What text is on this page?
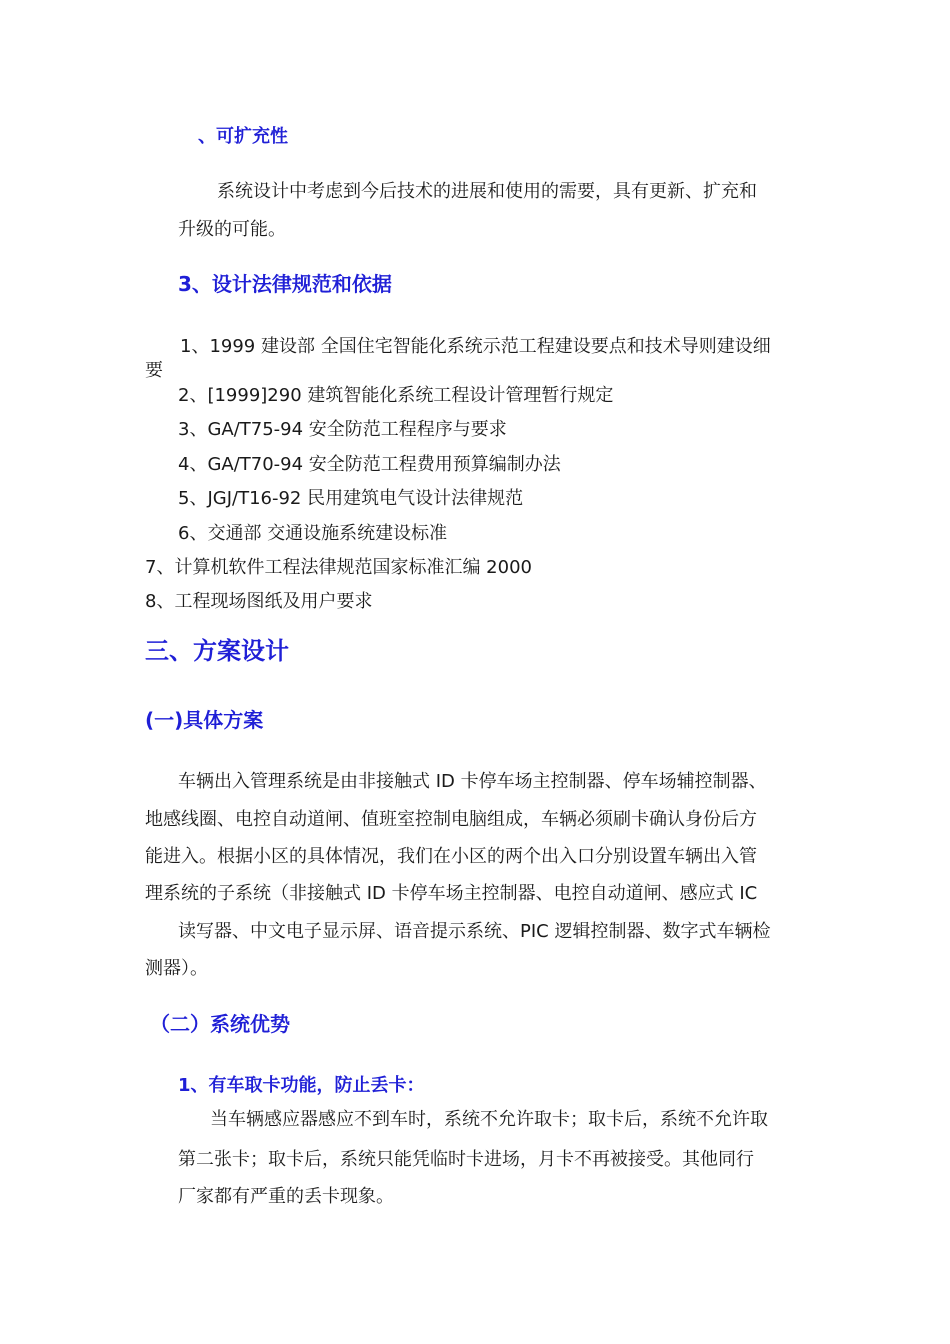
、可扩充性
系统设计中考虑到今后技术的进展和使用的需要，具有更新、扩充和
升级的可能。
3、设计法律规范和依据
1、1999 建设部 全国住宅智能化系统示范工程建设要点和技术导则建设细
要
2、[1999]290 建筑智能化系统工程设计管理暂行规定
3、GA/T75-94 安全防范工程程序与要求
4、GA/T70-94 安全防范工程费用预算编制办法
5、JGJ/T16-92 民用建筑电气设计法律规范
6、交通部 交通设施系统建设标准
7、计算机软件工程法律规范国家标准汇编 2000
8、工程现场图纸及用户要求
三、方案设计
(一)具体方案
车辆出入管理系统是由非接触式 ID 卡停车场主控制器、停车场辅控制器、
地感线圈、电控自动道闸、值班室控制电脑组成，车辆必须刷卡确认身份后方
能进入。根据小区的具体情况，我们在小区的两个出入口分别设置车辆出入管
理系统的子系统（非接触式 ID 卡停车场主控制器、电控自动道闸、感应式 IC
读写器、中文电子显示屏、语音提示系统、PIC 逻辑控制器、数字式车辆检
测器）。
（二）系统优势
1、有车取卡功能，防止丢卡：
当车辆感应器感应不到车时，系统不允许取卡；取卡后，系统不允许取
第二张卡；取卡后，系统只能凭临时卡进场，月卡不再被接受。其他同行
厂家都有严重的丢卡现象。
